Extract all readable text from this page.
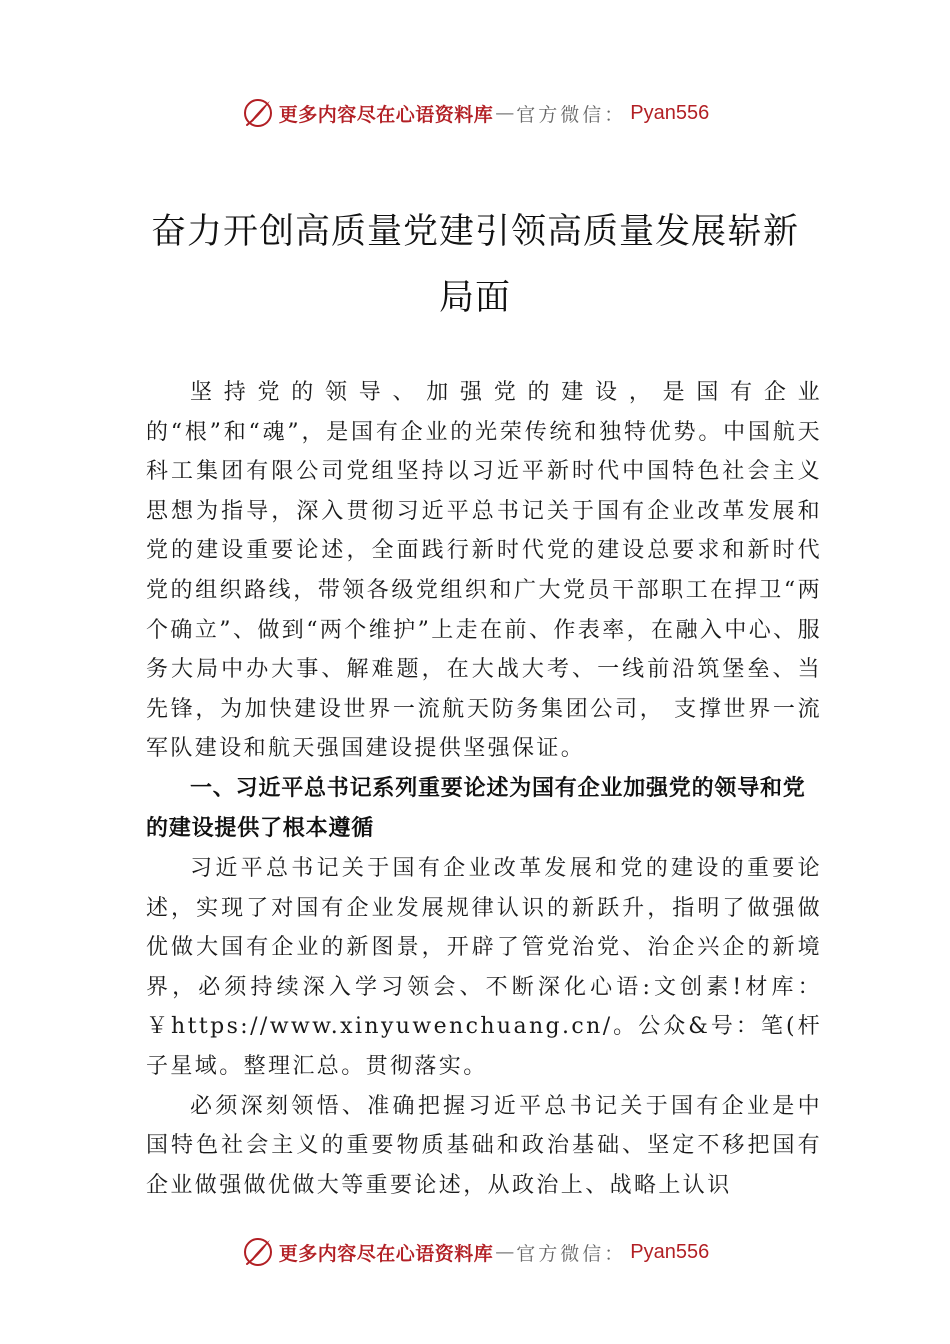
更多内容尽在心语资料库 — 官方微信： Pyan556
奋力开创高质量党建引领高质量发展崭新
局面

坚持党的领导、加强党的建设，是国有企业的“根”和“魂”，是国有企业的光荣传统和独特优势。中国航天科工集团有限公司党组坚持以习近平新时代中国特色社会主义思想为指导，深入贯彻习近平总书记关于国有企业改革发展和党的建设重要论述，全面践行新时代党的建设总要求和新时代党的组织路线，带领各级党组织和广大党员干部职工在捍卫“两个确立”、做到“两个维护”上走在前、作表率，在融入中心、服务大局中办大事、解难题，在大战大考、一线前沿筑堡垒、当先锋，为加快建设世界一流航天防务集团公司， 支撑世界一流军队建设和航天强国建设提供坚强保证。

一、习近平总书记系列重要论述为国有企业加强党的领导和党的建设提供了根本遵循

习近平总书记关于国有企业改革发展和党的建设的重要论述，实现了对国有企业发展规律认识的新跃升，指明了做强做优做大国有企业的新图景，开辟了管党治党、治企兴企的新境界，必须持续深入学习领会、不断深化心语:文创素!材库：￥https://www.xinyuwenchuang.cn/。公众&号：笔(杆子星域。整理汇总。贯彻落实。

必须深刻领悟、准确把握习近平总书记关于国有企业是中国特色社会主义的重要物质基础和政治基础、坚定不移把国有企业做强做优做大等重要论述，从政治上、战略上认识

更多内容尽在心语资料库 — 官方微信： Pyan556
